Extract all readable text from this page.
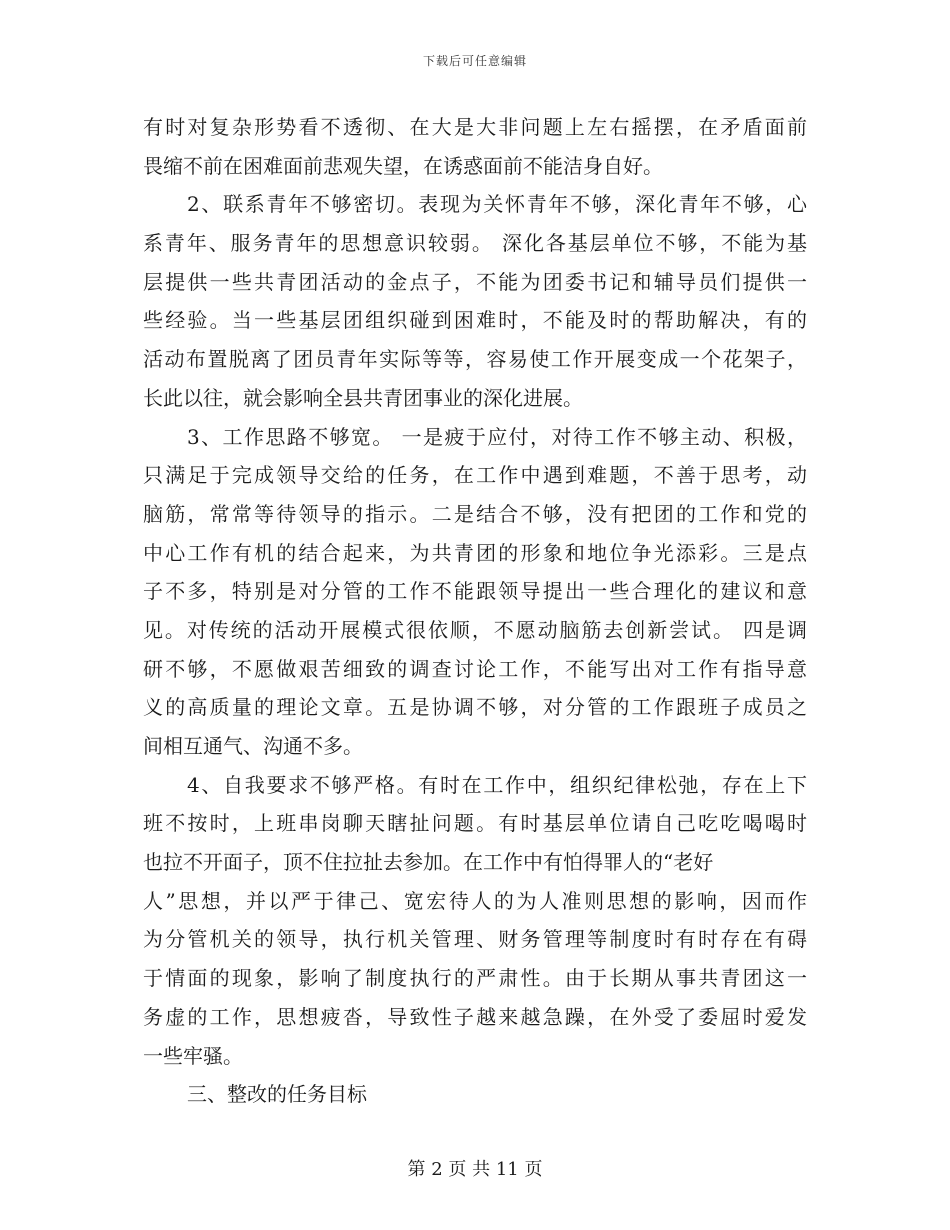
下载后可任意编辑
有时对复杂形势看不透彻、在大是大非问题上左右摇摆，在矛盾面前
畏缩不前在困难面前悲观失望，在诱惑面前不能洁身自好。
2、联系青年不够密切。表现为关怀青年不够，深化青年不够，心
系青年、服务青年的思想意识较弱。 深化各基层单位不够，不能为基
层提供一些共青团活动的金点子，不能为团委书记和辅导员们提供一
些经验。当一些基层团组织碰到困难时，不能及时的帮助解决，有的
活动布置脱离了团员青年实际等等，容易使工作开展变成一个花架子，
长此以往，就会影响全县共青团事业的深化进展。
3、工作思路不够宽。 一是疲于应付，对待工作不够主动、积极，
只满足于完成领导交给的任务，在工作中遇到难题，不善于思考，动
脑筋，常常等待领导的指示。二是结合不够，没有把团的工作和党的
中心工作有机的结合起来，为共青团的形象和地位争光添彩。三是点
子不多，特别是对分管的工作不能跟领导提出一些合理化的建议和意
见。对传统的活动开展模式很依顺，不愿动脑筋去创新尝试。 四是调
研不够，不愿做艰苦细致的调查讨论工作，不能写出对工作有指导意
义的高质量的理论文章。五是协调不够，对分管的工作跟班子成员之
间相互通气、沟通不多。
4、自我要求不够严格。有时在工作中，组织纪律松弛，存在上下
班不按时，上班串岗聊天瞎扯问题。有时基层单位请自己吃吃喝喝时
也拉不开面子，顶不住拉扯去参加。在工作中有怕得罪人的“老好
人”思想，并以严于律己、宽宏待人的为人准则思想的影响，因而作
为分管机关的领导，执行机关管理、财务管理等制度时有时存在有碍
于情面的现象，影响了制度执行的严肃性。由于长期从事共青团这一
务虚的工作，思想疲沓，导致性子越来越急躁，在外受了委屈时爱发
一些牢骚。
三、整改的任务目标
第 2 页 共 11 页
